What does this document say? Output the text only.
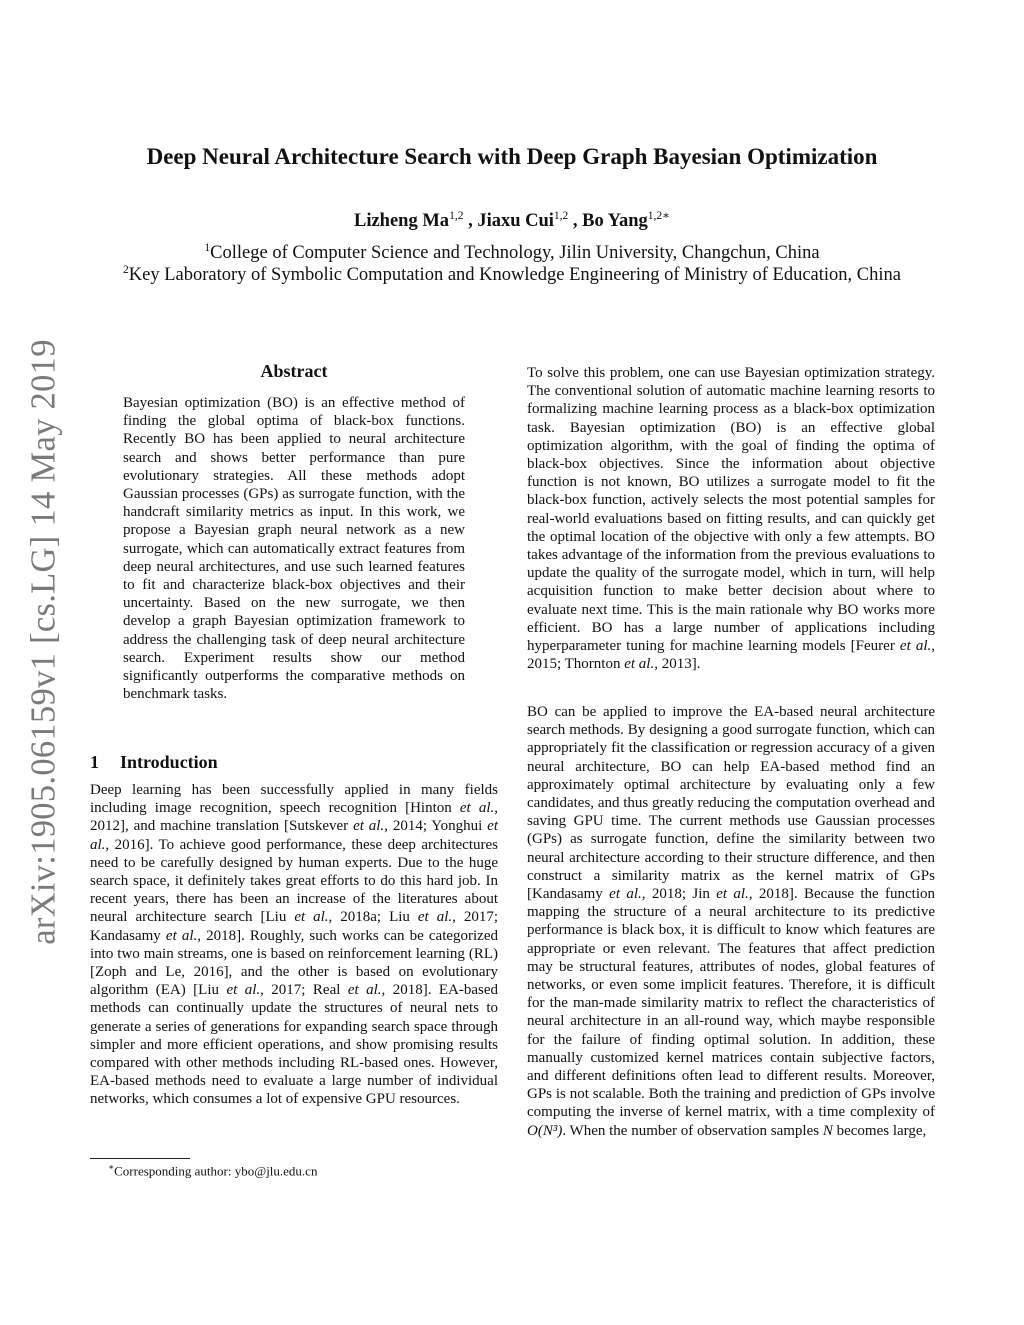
arXiv:1905.06159v1 [cs.LG] 14 May 2019
Deep Neural Architecture Search with Deep Graph Bayesian Optimization
Lizheng Ma$^{1,2}$ , Jiaxu Cui$^{1,2}$ , Bo Yang$^{1,2∗}$
$^1$College of Computer Science and Technology, Jilin University, Changchun, China
$^2$Key Laboratory of Symbolic Computation and Knowledge Engineering of Ministry of Education, China
Abstract

Bayesian optimization (BO) is an effective method of finding the global optima of black-box functions. Recently BO has been applied to neural architecture search and shows better performance than pure evolutionary strategies. All these methods adopt Gaussian processes (GPs) as surrogate function, with the handcraft similarity metrics as input. In this work, we propose a Bayesian graph neural network as a new surrogate, which can automatically extract features from deep neural architectures, and use such learned features to fit and characterize black-box objectives and their uncertainty. Based on the new surrogate, we then develop a graph Bayesian optimization framework to address the challenging task of deep neural architecture search. Experiment results show our method significantly outperforms the comparative methods on benchmark tasks.

1 Introduction

Deep learning has been successfully applied in many fields including image recognition, speech recognition [Hinton et al., 2012], and machine translation [Sutskever et al., 2014; Yonghui et al., 2016]. To achieve good performance, these deep architectures need to be carefully designed by human experts. Due to the huge search space, it definitely takes great efforts to do this hard job. In recent years, there has been an increase of the literatures about neural architecture search [Liu et al., 2018a; Liu et al., 2017; Kandasamy et al., 2018]. Roughly, such works can be categorized into two main streams, one is based on reinforcement learning (RL) [Zoph and Le, 2016], and the other is based on evolutionary algorithm (EA) [Liu et al., 2017; Real et al., 2018]. EA-based methods can continually update the structures of neural nets to generate a series of generations for expanding search space through simpler and more efficient operations, and show promising results compared with other methods including RL-based ones. However, EA-based methods need to evaluate a large number of individual networks, which consumes a lot of expensive GPU resources.

∗Corresponding author: ybo@jlu.edu.cn

To solve this problem, one can use Bayesian optimization strategy. The conventional solution of automatic machine learning resorts to formalizing machine learning process as a black-box optimization task. Bayesian optimization (BO) is an effective global optimization algorithm, with the goal of finding the optima of black-box objectives. Since the information about objective function is not known, BO utilizes a surrogate model to fit the black-box function, actively selects the most potential samples for real-world evaluations based on fitting results, and can quickly get the optimal location of the objective with only a few attempts. BO takes advantage of the information from the previous evaluations to update the quality of the surrogate model, which in turn, will help acquisition function to make better decision about where to evaluate next time. This is the main rationale why BO works more efficient. BO has a large number of applications including hyperparameter tuning for machine learning models [Feurer et al., 2015; Thornton et al., 2013].

BO can be applied to improve the EA-based neural architecture search methods. By designing a good surrogate function, which can appropriately fit the classification or regression accuracy of a given neural architecture, BO can help EA-based method find an approximately optimal architecture by evaluating only a few candidates, and thus greatly reducing the computation overhead and saving GPU time. The current methods use Gaussian processes (GPs) as surrogate function, define the similarity between two neural architecture according to their structure difference, and then construct a similarity matrix as the kernel matrix of GPs [Kandasamy et al., 2018; Jin et al., 2018]. Because the function mapping the structure of a neural architecture to its predictive performance is black box, it is difficult to know which features are appropriate or even relevant. The features that affect prediction may be structural features, attributes of nodes, global features of networks, or even some implicit features. Therefore, it is difficult for the man-made similarity matrix to reflect the characteristics of neural architecture in an all-round way, which maybe responsible for the failure of finding optimal solution. In addition, these manually customized kernel matrices contain subjective factors, and different definitions often lead to different results. Moreover, GPs is not scalable. Both the training and prediction of GPs involve computing the inverse of kernel matrix, with a time complexity of O(N³). When the number of observation samples N becomes large,
